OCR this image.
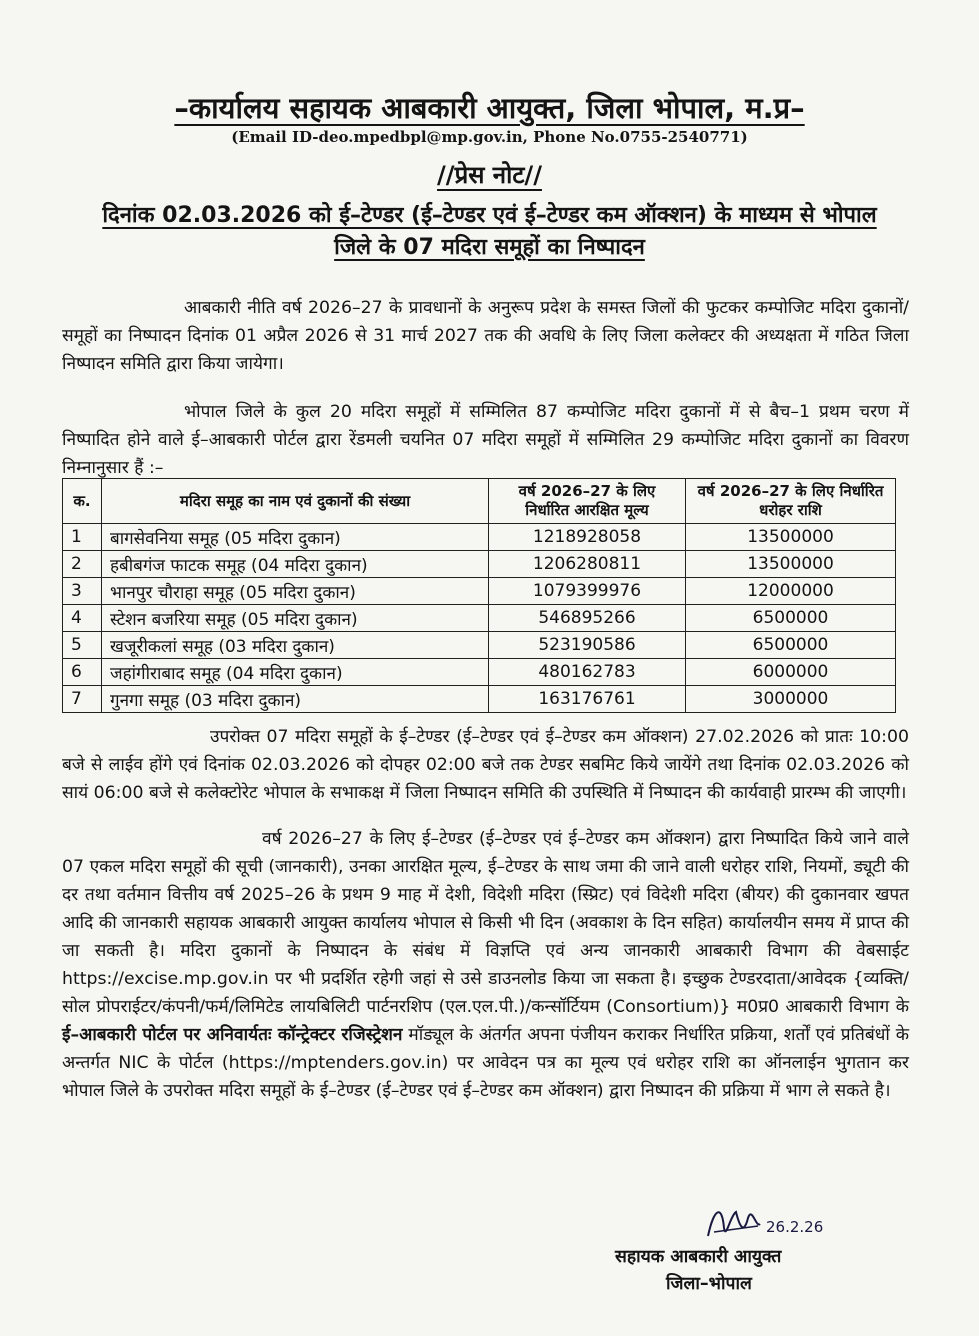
–कार्यालय सहायक आबकारी आयुक्त, जिला भोपाल, म.प्र–
(Email ID-deo.mpedbpl@mp.gov.in, Phone No.0755-2540771)
//प्रेस नोट//
दिनांक 02.03.2026 को ई–टेण्डर (ई–टेण्डर एवं ई–टेण्डर कम ऑक्शन) के माध्यम से भोपाल जिले के 07 मदिरा समूहों का निष्पादन
आबकारी नीति वर्ष 2026–27 के प्रावधानों के अनुरूप प्रदेश के समस्त जिलों की फुटकर कम्पोजिट मदिरा दुकानों/समूहों का निष्पादन दिनांक 01 अप्रैल 2026 से 31 मार्च 2027 तक की अवधि के लिए जिला कलेक्टर की अध्यक्षता में गठित जिला निष्पादन समिति द्वारा किया जायेगा।
भोपाल जिले के कुल 20 मदिरा समूहों में सम्मिलित 87 कम्पोजिट मदिरा दुकानों में से बैच–1 प्रथम चरण में निष्पादित होने वाले ई–आबकारी पोर्टल द्वारा रेंडमली चयनित 07 मदिरा समूहों में सम्मिलित 29 कम्पोजिट मदिरा दुकानों का विवरण निम्नानुसार हैं :–
क.	मदिरा समूह का नाम एवं दुकानों की संख्या	वर्ष 2026–27 के लिए निर्धारित आरक्षित मूल्य	वर्ष 2026–27 के लिए निर्धारित धरोहर राशि
1	बागसेवनिया समूह (05 मदिरा दुकान)	1218928058	13500000
2	हबीबगंज फाटक समूह (04 मदिरा दुकान)	1206280811	13500000
3	भानपुर चौराहा समूह (05 मदिरा दुकान)	1079399976	12000000
4	स्टेशन बजरिया समूह (05 मदिरा दुकान)	546895266	6500000
5	खजूरीकलां समूह (03 मदिरा दुकान)	523190586	6500000
6	जहांगीराबाद समूह (04 मदिरा दुकान)	480162783	6000000
7	गुनगा समूह (03 मदिरा दुकान)	163176761	3000000
उपरोक्त 07 मदिरा समूहों के ई–टेण्डर (ई–टेण्डर एवं ई–टेण्डर कम ऑक्शन) 27.02.2026 को प्रातः 10:00 बजे से लाईव होंगे एवं दिनांक 02.03.2026 को दोपहर 02:00 बजे तक टेण्डर सबमिट किये जायेंगे तथा दिनांक 02.03.2026 को सायं 06:00 बजे से कलेक्टोरेट भोपाल के सभाकक्ष में जिला निष्पादन समिति की उपस्थिति में निष्पादन की कार्यवाही प्रारम्भ की जाएगी।
वर्ष 2026–27 के लिए ई–टेण्डर (ई–टेण्डर एवं ई–टेण्डर कम ऑक्शन) द्वारा निष्पादित किये जाने वाले 07 एकल मदिरा समूहों की सूची (जानकारी), उनका आरक्षित मूल्य, ई–टेण्डर के साथ जमा की जाने वाली धरोहर राशि, नियमों, ड्यूटी की दर तथा वर्तमान वित्तीय वर्ष 2025–26 के प्रथम 9 माह में देशी, विदेशी मदिरा (स्प्रिट) एवं विदेशी मदिरा (बीयर) की दुकानवार खपत आदि की जानकारी सहायक आबकारी आयुक्त कार्यालय भोपाल से किसी भी दिन (अवकाश के दिन सहित) कार्यालयीन समय में प्राप्त की जा सकती है। मदिरा दुकानों के निष्पादन के संबंध में विज्ञप्ति एवं अन्य जानकारी आबकारी विभाग की वेबसाईट https://excise.mp.gov.in पर भी प्रदर्शित रहेगी जहां से उसे डाउनलोड किया जा सकता है। इच्छुक टेण्डरदाता/आवेदक {व्यक्ति/सोल प्रोपराईटर/कंपनी/फर्म/लिमिटेड लायबिलिटी पार्टनरशिप (एल.एल.पी.)/कन्सॉर्टियम (Consortium)} म0प्र0 आबकारी विभाग के ई–आबकारी पोर्टल पर अनिवार्यतः कॉन्ट्रेक्टर रजिस्ट्रेशन मॉड्यूल के अंतर्गत अपना पंजीयन कराकर निर्धारित प्रक्रिया, शर्तों एवं प्रतिबंधों के अन्तर्गत NIC के पोर्टल (https://mptenders.gov.in) पर आवेदन पत्र का मूल्य एवं धरोहर राशि का ऑनलाईन भुगतान कर भोपाल जिले के उपरोक्त मदिरा समूहों के ई–टेण्डर (ई–टेण्डर एवं ई–टेण्डर कम ऑक्शन) द्वारा निष्पादन की प्रक्रिया में भाग ले सकते है।
26.2.26
सहायक आबकारी आयुक्त
जिला–भोपाल
